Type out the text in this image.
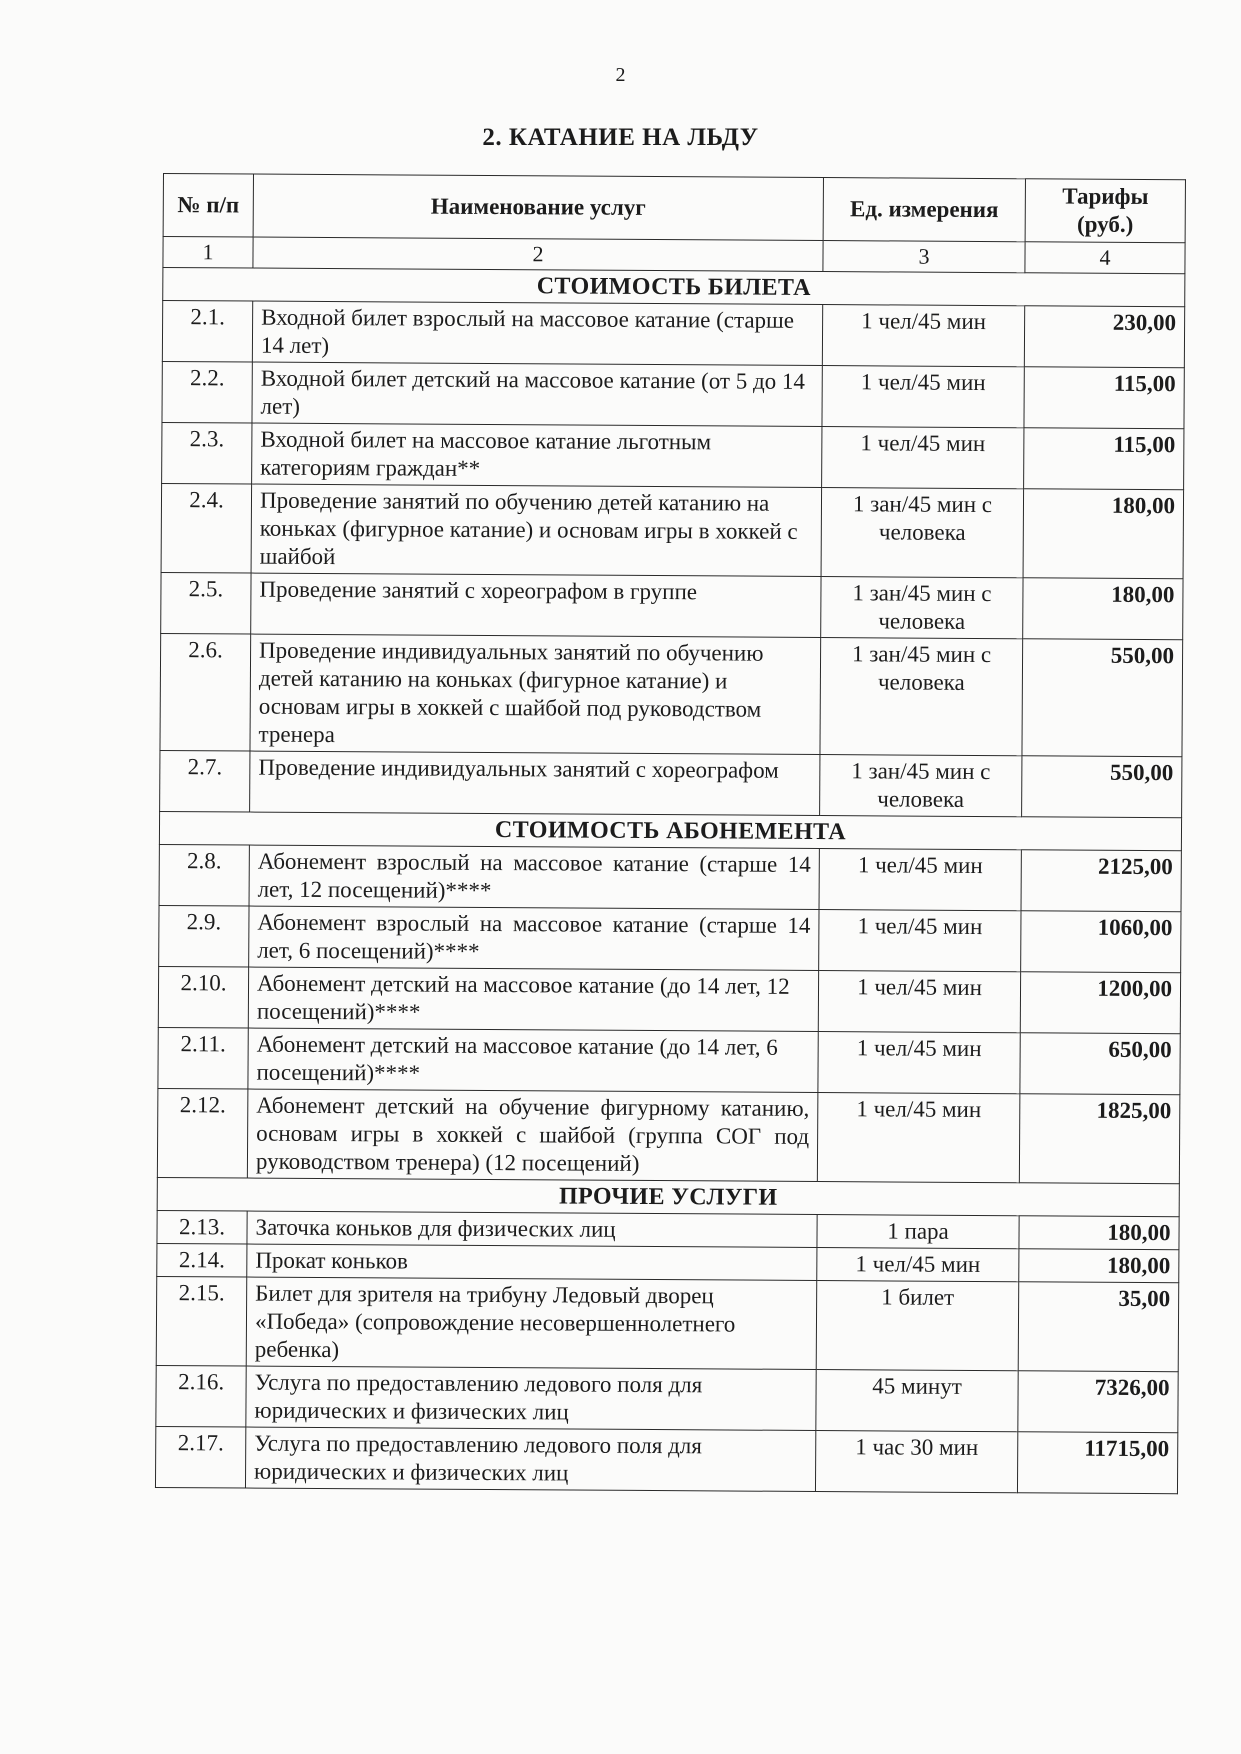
2
2. КАТАНИЕ НА ЛЬДУ
№ п/п	Наименование услуг	Ед. измерения	Тарифы (руб.)
1	2	3	4
СТОИМОСТЬ БИЛЕТА			
2.1.	Входной билет взрослый на массовое катание (старше 14 лет)	1 чел/45 мин	230,00
2.2.	Входной билет детский на массовое катание (от 5 до 14 лет)	1 чел/45 мин	115,00
2.3.	Входной билет на массовое катание льготным категориям граждан**	1 чел/45 мин	115,00
2.4.	Проведение занятий по обучению детей катанию на коньках (фигурное катание) и основам игры в хоккей с шайбой	1 зан/45 мин с человека	180,00
2.5.	Проведение занятий с хореографом в группе	1 зан/45 мин с человека	180,00
2.6.	Проведение индивидуальных занятий по обучению детей катанию на коньках (фигурное катание) и основам игры в хоккей с шайбой под руководством тренера	1 зан/45 мин с человека	550,00
2.7.	Проведение индивидуальных занятий с хореографом	1 зан/45 мин с человека	550,00
СТОИМОСТЬ АБОНЕМЕНТА			
2.8.	Абонемент взрослый на массовое катание (старше 14 лет, 12 посещений)****	1 чел/45 мин	2125,00
2.9.	Абонемент взрослый на массовое катание (старше 14 лет, 6 посещений)****	1 чел/45 мин	1060,00
2.10.	Абонемент детский на массовое катание (до 14 лет, 12 посещений)****	1 чел/45 мин	1200,00
2.11.	Абонемент детский на массовое катание (до 14 лет, 6 посещений)****	1 чел/45 мин	650,00
2.12.	Абонемент детский на обучение фигурному катанию, основам игры в хоккей с шайбой (группа СОГ под руководством тренера) (12 посещений)	1 чел/45 мин	1825,00
ПРОЧИЕ УСЛУГИ			
2.13.	Заточка коньков для физических лиц	1 пара	180,00
2.14.	Прокат коньков	1 чел/45 мин	180,00
2.15.	Билет для зрителя на трибуну Ледовый дворец «Победа» (сопровождение несовершеннолетнего ребенка)	1 билет	35,00
2.16.	Услуга по предоставлению ледового поля для юридических и физических лиц	45 минут	7326,00
2.17.	Услуга по предоставлению ледового поля для юридических и физических лиц	1 час 30 мин	11715,00
